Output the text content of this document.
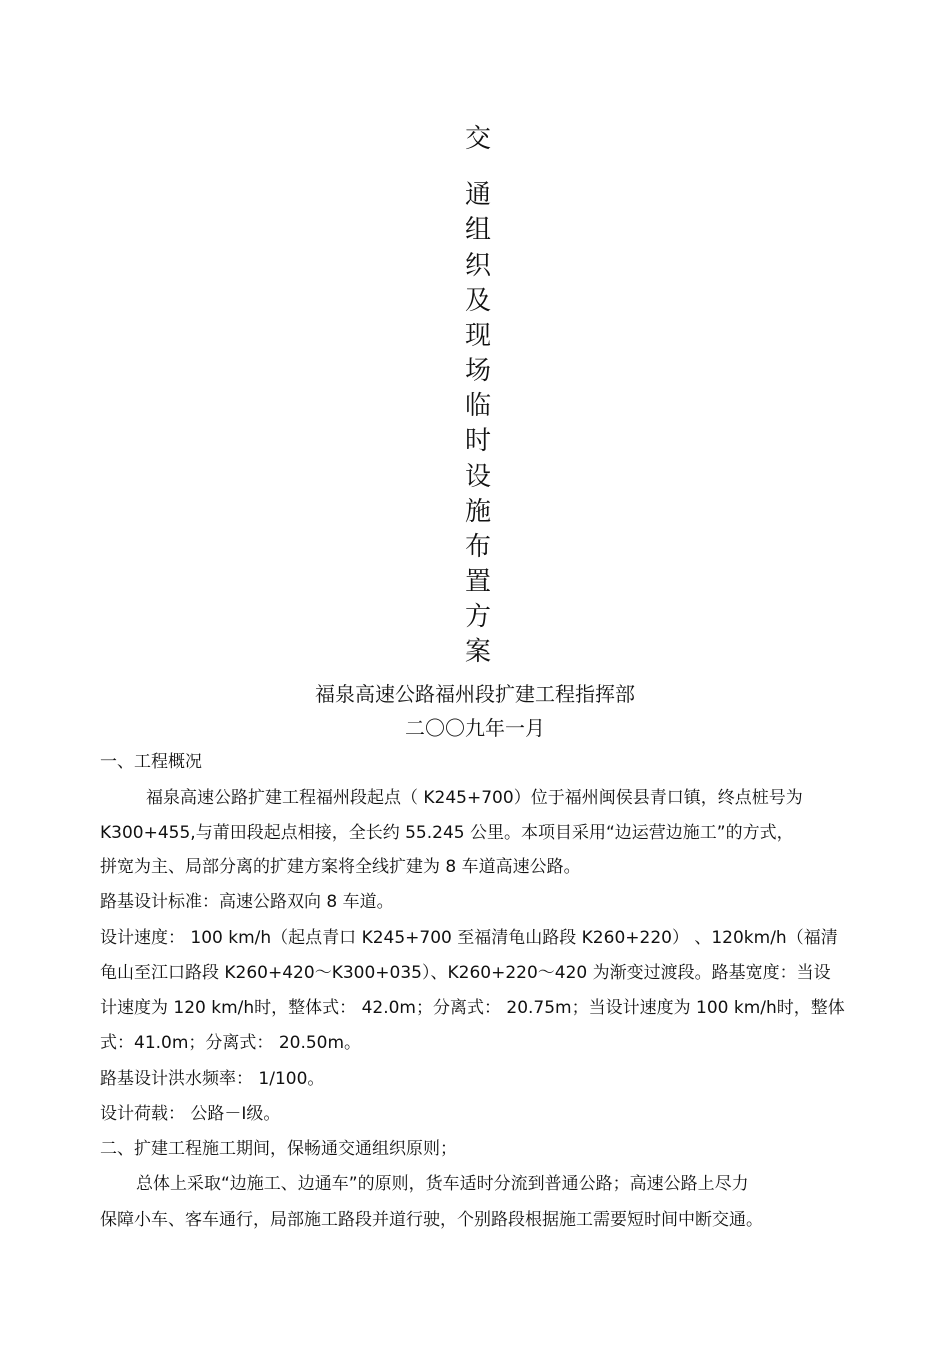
交
通
组
织
及
现
场
临
时
设
施
布
置
方
案
福泉高速公路福州段扩建工程指挥部
二〇〇九年一月
一、工程概况
福泉高速公路扩建工程福州段起点（ K245+700）位于福州闽侯县青口镇，终点桩号为
K300+455,与莆田段起点相接，全长约 55.245 公里。本项目采用“边运营边施工”的方式，
拼宽为主、局部分离的扩建方案将全线扩建为 8 车道高速公路。
路基设计标准：高速公路双向 8 车道。
设计速度： 100 km/h（起点青口 K245+700 至福清龟山路段 K260+220） 、120km/h（福清
龟山至江口路段 K260+420～K300+035）、K260+220～420 为渐变过渡段。路基宽度：当设
计速度为 120 km/h时，整体式： 42.0m；分离式： 20.75m；当设计速度为 100 km/h时，整体
式：41.0m；分离式： 20.50m。
路基设计洪水频率： 1/100。
设计荷载： 公路－Ⅰ级。
二、扩建工程施工期间，保畅通交通组织原则；
总体上采取“边施工、边通车”的原则，货车适时分流到普通公路；高速公路上尽力
保障小车、客车通行，局部施工路段并道行驶，个别路段根据施工需要短时间中断交通。
